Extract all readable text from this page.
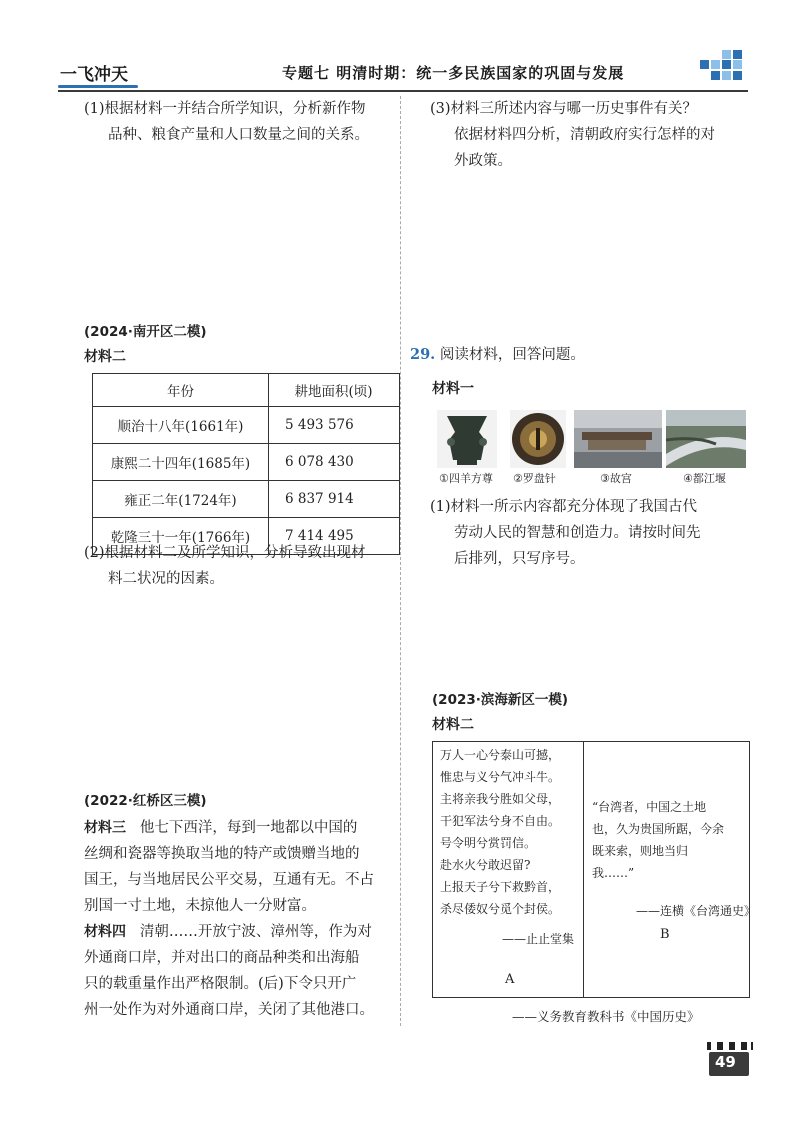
一飞冲天	专题七 明清时期：统一多民族国家的巩固与发展
(1)根据材料一并结合所学知识，分析新作物
品种、粮食产量和人口数量之间的关系。
(2024·南开区二模)
材料二
年份	耕地面积(顷)
顺治十八年(1661年)	5 493 576
康熙二十四年(1685年)	6 078 430
雍正二年(1724年)	6 837 914
乾隆三十一年(1766年)	7 414 495
(2)根据材料二及所学知识，分析导致出现材
料二状况的因素。
(2022·红桥区三模)
材料三 他七下西洋，每到一地都以中国的
丝绸和瓷器等换取当地的特产或馈赠当地的
国王，与当地居民公平交易，互通有无。不占
别国一寸土地，未掠他人一分财富。
材料四 清朝……开放宁波、漳州等，作为对
外通商口岸，并对出口的商品种类和出海船
只的载重量作出严格限制。(后)下令只开广
州一处作为对外通商口岸，关闭了其他港口。
(3)材料三所述内容与哪一历史事件有关？
依据材料四分析，清朝政府实行怎样的对
外政策。
29. 阅读材料，回答问题。
材料一
①四羊方尊 ②罗盘针	③故宫	④都江堰
(1)材料一所示内容都充分体现了我国古代
劳动人民的智慧和创造力。请按时间先
后排列，只写序号。
(2023·滨海新区一模)
材料二
万人一心兮泰山可撼，
惟忠与义兮气冲斗牛。
主将亲我兮胜如父母，
干犯军法兮身不自由。
号令明兮赏罚信。
赴水火兮敢迟留?
上报天子兮下救黔首，
杀尽倭奴兮觅个封侯。
——止止堂集
A
“台湾者，中国之土地
也，久为贵国所踞，今余
既来索，则地当归
我……”
——连横《台湾通史》
B
——义务教育教科书《中国历史》
49
